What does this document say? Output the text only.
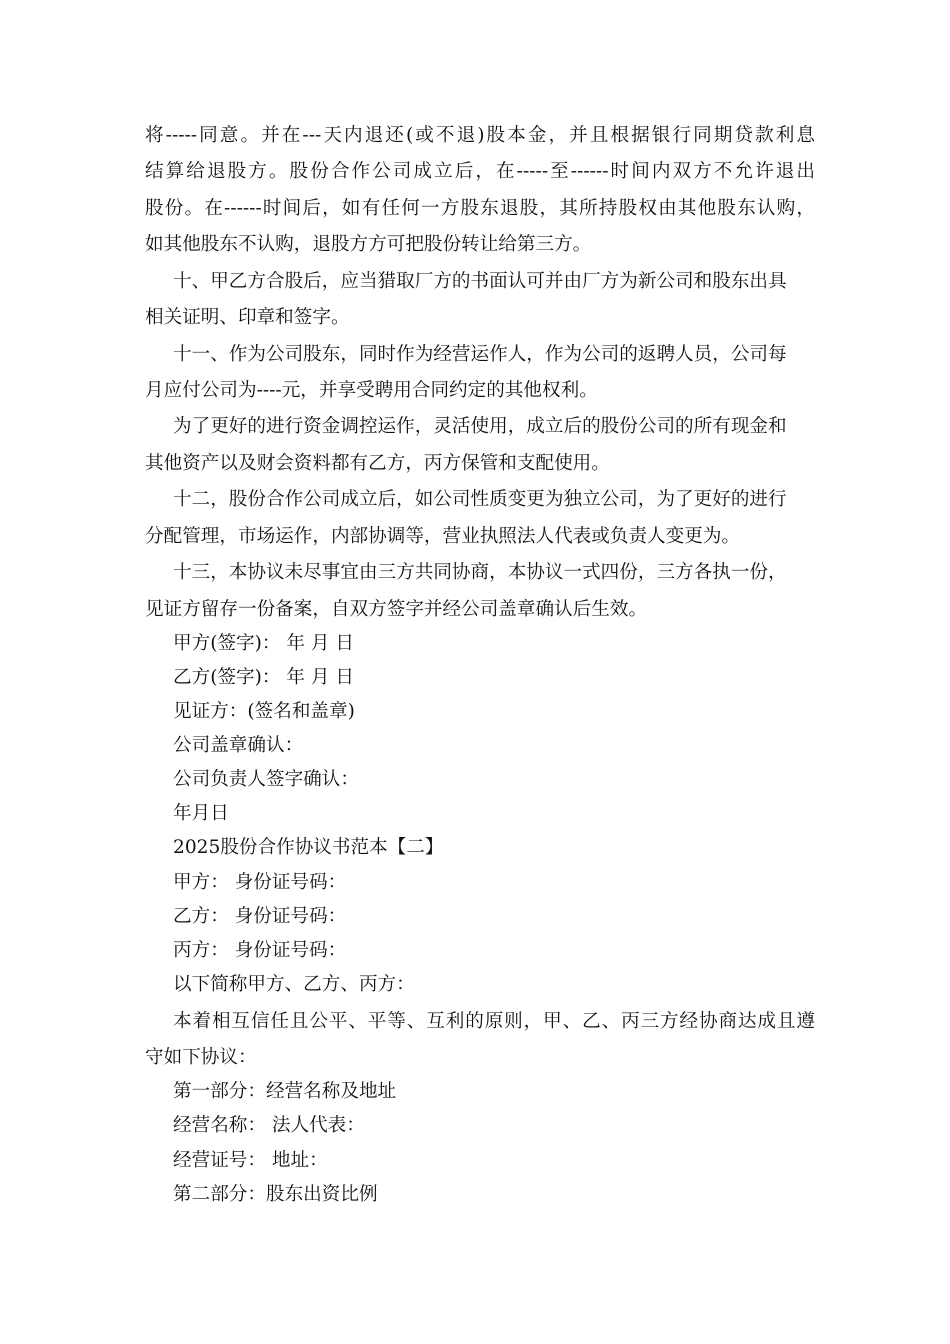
将-----同意。并在---天内退还(或不退)股本金，并且根据银行同期贷款利息
结算给退股方。股份合作公司成立后，在-----至------时间内双方不允许退出
股份。在------时间后，如有任何一方股东退股，其所持股权由其他股东认购，
如其他股东不认购，退股方方可把股份转让给第三方。
十、甲乙方合股后，应当猎取厂方的书面认可并由厂方为新公司和股东出具
相关证明、印章和签字。
十一、作为公司股东，同时作为经营运作人，作为公司的返聘人员，公司每
月应付公司为----元，并享受聘用合同约定的其他权利。
为了更好的进行资金调控运作，灵活使用，成立后的股份公司的所有现金和
其他资产以及财会资料都有乙方，丙方保管和支配使用。
十二，股份合作公司成立后，如公司性质变更为独立公司，为了更好的进行
分配管理，市场运作，内部协调等，营业执照法人代表或负责人变更为。
十三，本协议未尽事宜由三方共同协商，本协议一式四份，三方各执一份，
见证方留存一份备案，自双方签字并经公司盖章确认后生效。
甲方(签字)： 年 月 日
乙方(签字)： 年 月 日
见证方：(签名和盖章)
公司盖章确认：
公司负责人签字确认：
年月日
2025股份合作协议书范本【二】
甲方： 身份证号码：
乙方： 身份证号码：
丙方： 身份证号码：
以下简称甲方、乙方、丙方：
本着相互信任且公平、平等、互利的原则，甲、乙、丙三方经协商达成且遵
守如下协议：
第一部分：经营名称及地址
经营名称： 法人代表：
经营证号： 地址：
第二部分：股东出资比例
